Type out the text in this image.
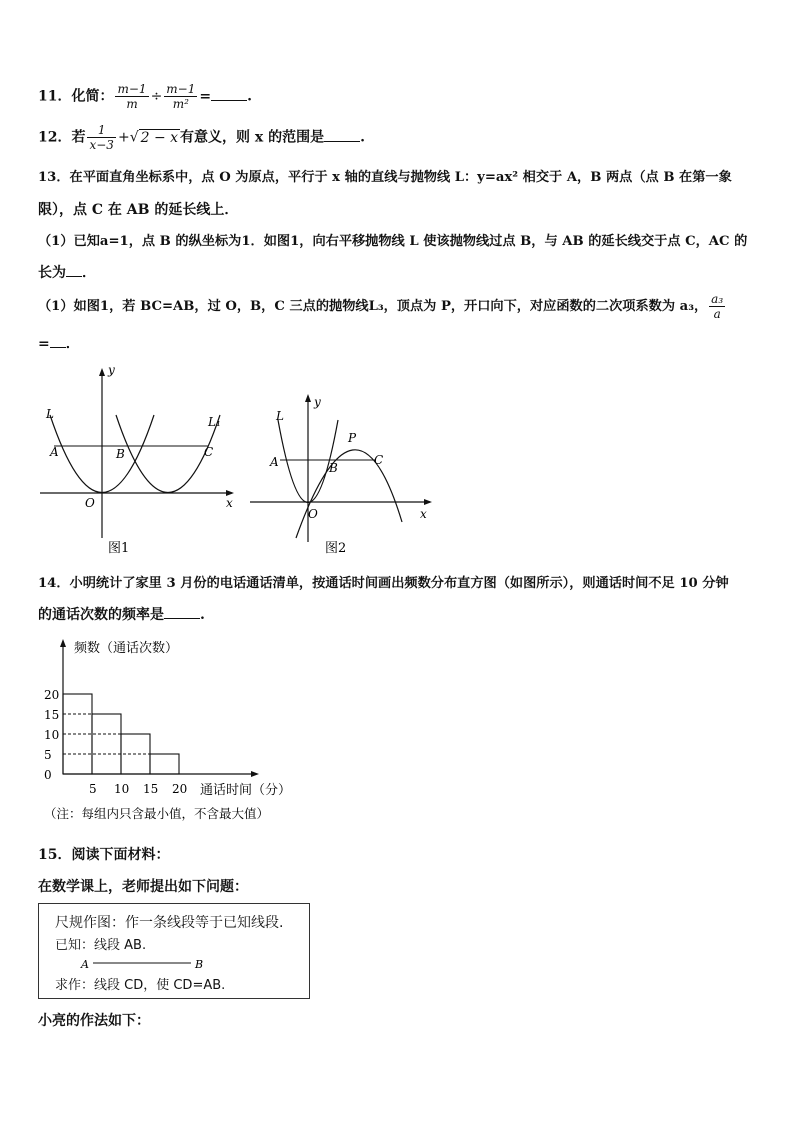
11．化简： $\frac{m-1}{m} \div \frac{m-1}{\text{m²}}$ =	.
12．若 $\frac{1}{x-3}$ +√ 2 − x 有意义，则 x 的范围是	.
13．在平面直角坐标系中，点 O 为原点，平行于 x 轴的直线与抛物线 L：y=ax² 相交于 A，B 两点（点 B 在第一象
限），点 C 在 AB 的延长线上．
（1）已知a=1，点 B 的纵坐标为1．如图1，向右平移抛物线 L 使该抛物线过点 B，与 AB 的延长线交于点 C，AC 的
长为 ．
（1）如图1，若 BC=AB，过 O，B，C 三点的抛物线L₃，顶点为 P，开口向下，对应函数的二次项系数为 a₃， $\frac{\text{a₃}}{a}$
= ．
y
x
O
L
L₁
A	B	C
图1
y
x
O
L
A	B
P
C
图2
14．小明统计了家里 3 月份的电话通话清单，按通话时间画出频数分布直方图（如图所示），则通话时间不足 10 分钟
的通话次数的频率是	.
频数（通话次数）
通话时间（分）
（注：每组内只含最小值，不含最大值）
0
5
10
15
20
5 10 15 20
15．阅读下面材料：
在数学课上，老师提出如下问题：
尺规作图：作一条线段等于已知线段.
已知：线段 AB.
A	B
求作：线段 CD，使 CD=AB.
小亮的作法如下：
